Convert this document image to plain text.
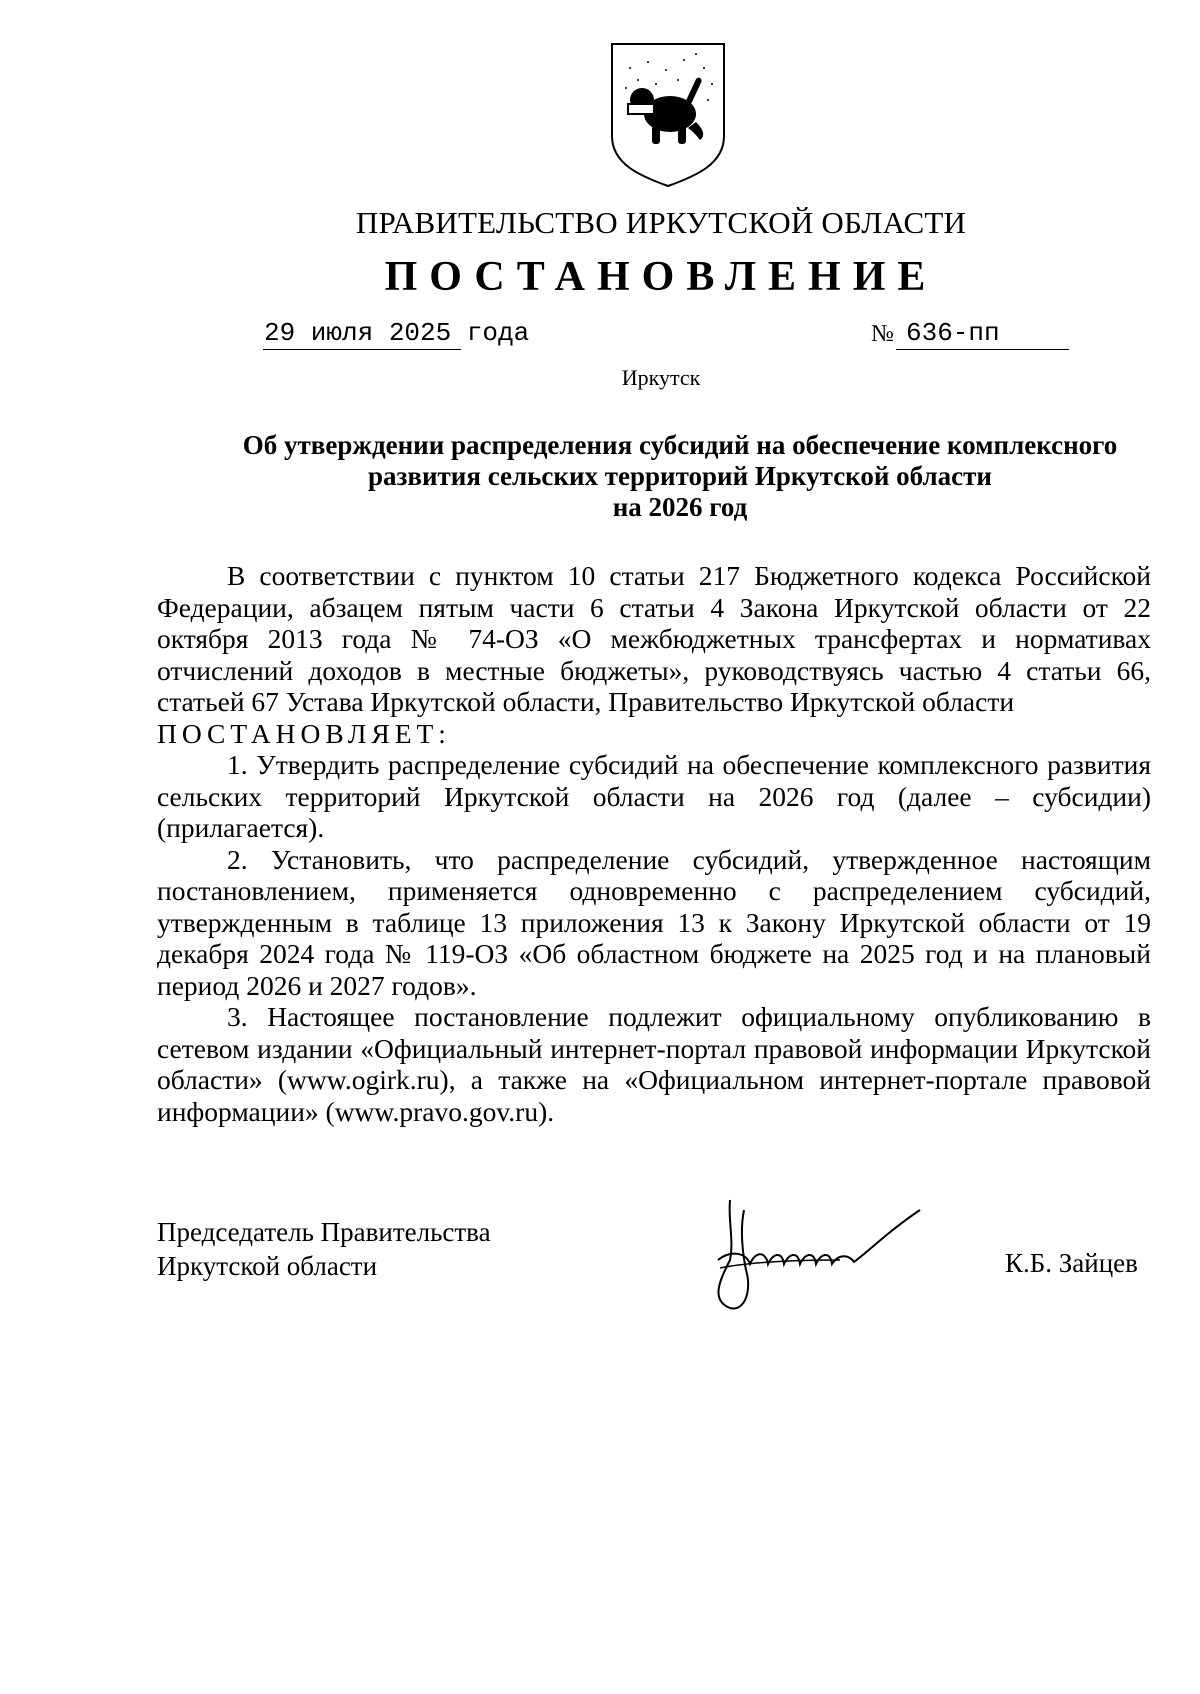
ПРАВИТЕЛЬСТВО ИРКУТСКОЙ ОБЛАСТИ
ПОСТАНОВЛЕНИЕ
29 июля 2025 года	№ 636-пп
Иркутск
Об утверждении распределения субсидий на обеспечение комплексного
развития сельских территорий Иркутской области
на 2026 год

В соответствии с пунктом 10 статьи 217 Бюджетного кодекса Российской Федерации, абзацем пятым части 6 статьи 4 Закона Иркутской области от 22 октября 2013 года № 74-ОЗ «О межбюджетных трансфертах и нормативах отчислений доходов в местные бюджеты», руководствуясь частью 4 статьи 66, статьей 67 Устава Иркутской области, Правительство Иркутской области

ПОСТАНОВЛЯЕТ:

1. Утвердить распределение субсидий на обеспечение комплексного развития сельских территорий Иркутской области на 2026 год (далее – субсидии) (прилагается).

2. Установить, что распределение субсидий, утвержденное настоящим постановлением, применяется одновременно с распределением субсидий, утвержденным в таблице 13 приложения 13 к Закону Иркутской области от 19 декабря 2024 года № 119-ОЗ «Об областном бюджете на 2025 год и на плановый период 2026 и 2027 годов».

3. Настоящее постановление подлежит официальному опубликованию в сетевом издании «Официальный интернет-портал правовой информации Иркутской области» (www.ogirk.ru), а также на «Официальном интернет-портале правовой информации» (www.pravo.gov.ru).

Председатель Правительства
Иркутской области	К.Б. Зайцев
